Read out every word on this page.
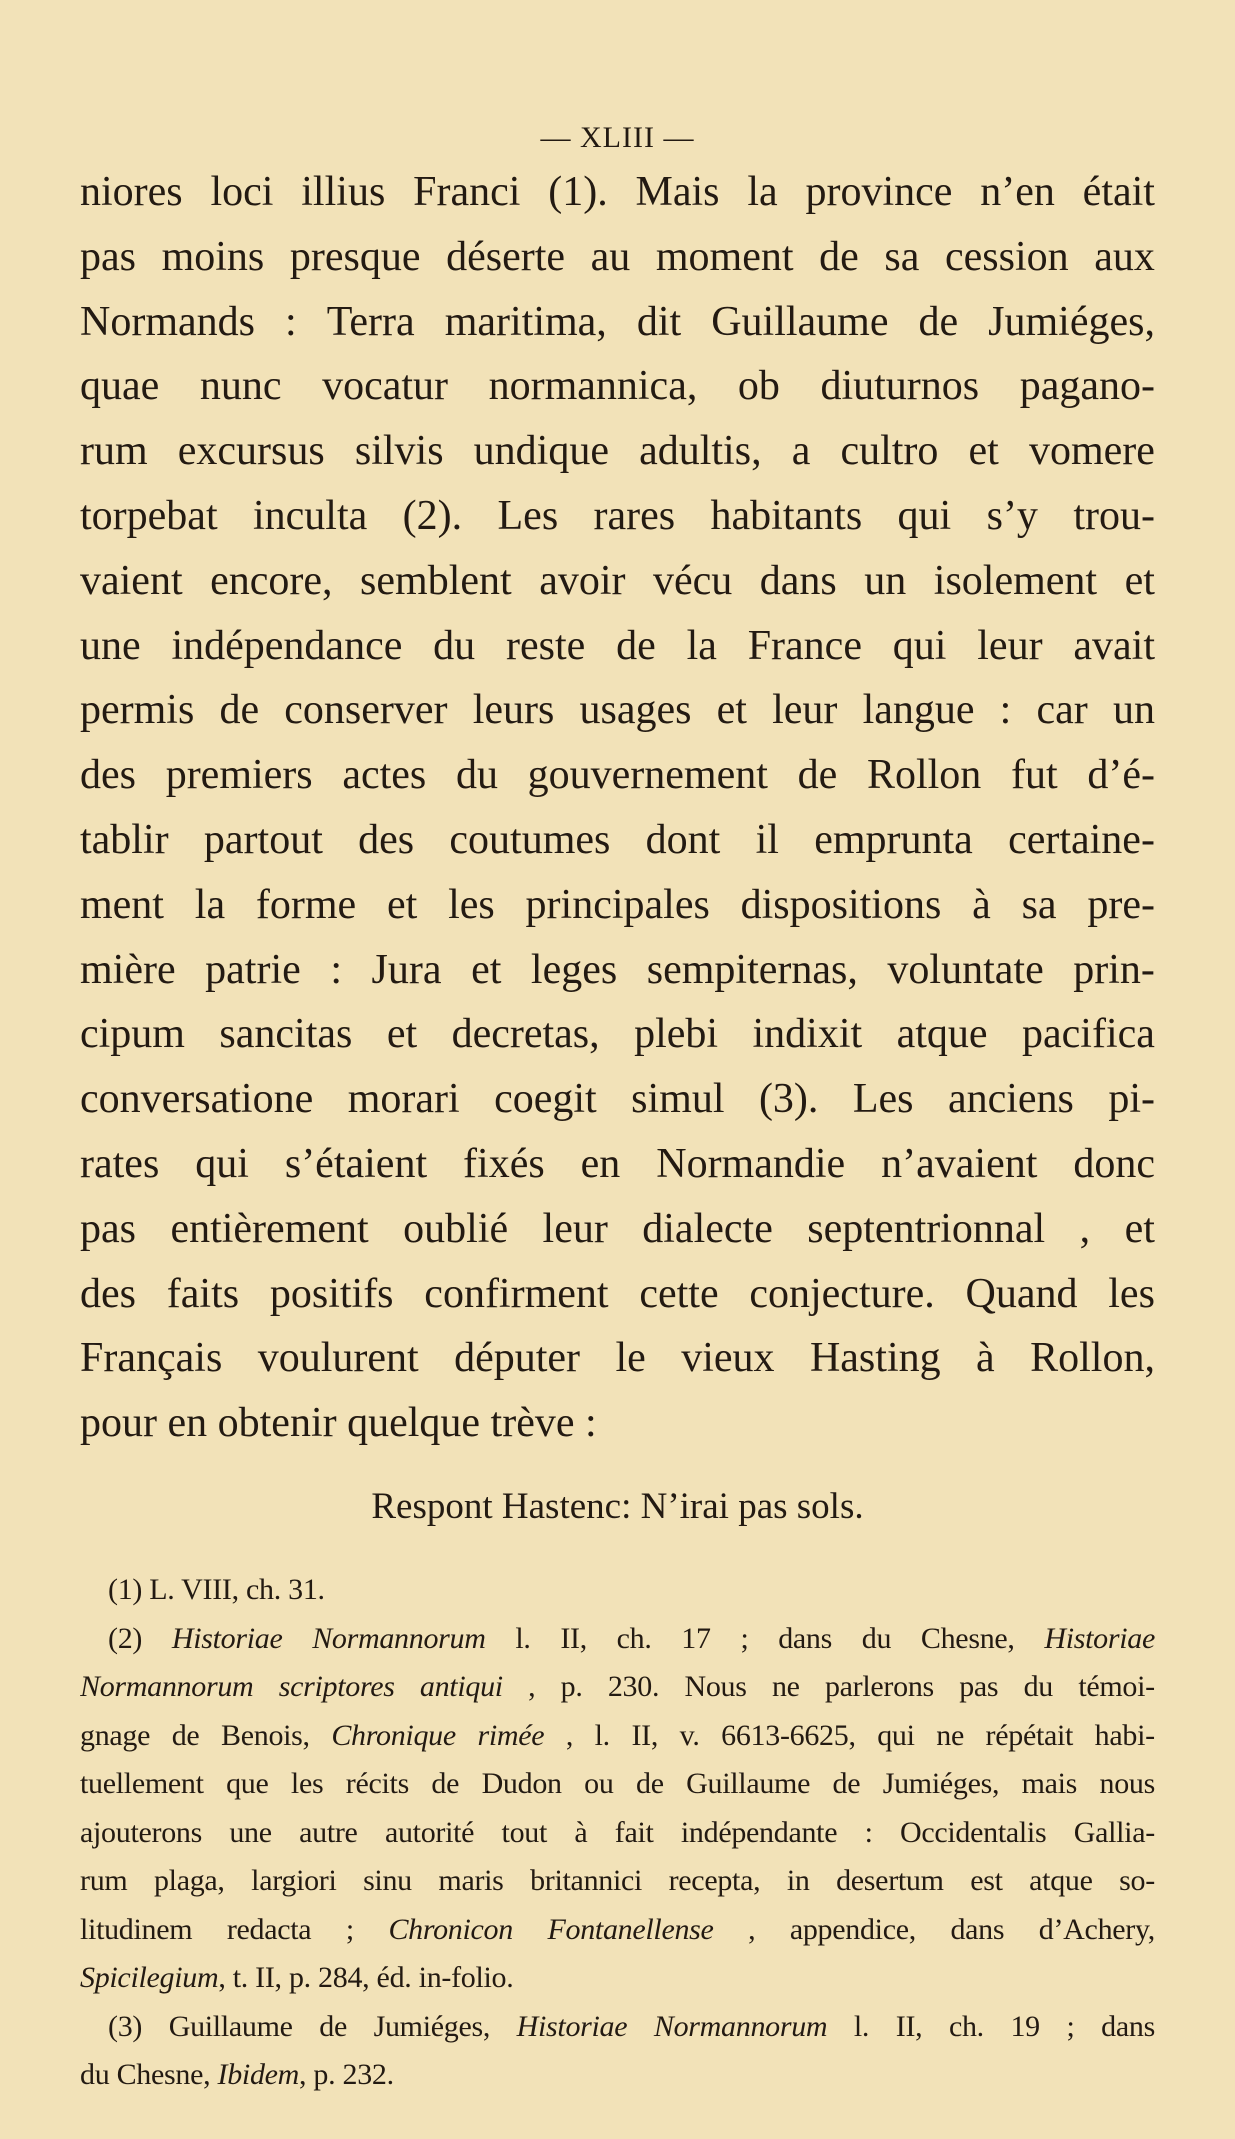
— XLIII —
niores loci illius Franci (1). Mais la province n’en était
pas moins presque déserte au moment de sa cession aux
Normands : Terra maritima, dit Guillaume de Jumiéges,
quae nunc vocatur normannica, ob diuturnos pagano-
rum excursus silvis undique adultis, a cultro et vomere
torpebat inculta (2). Les rares habitants qui s’y trou-
vaient encore, semblent avoir vécu dans un isolement et
une indépendance du reste de la France qui leur avait
permis de conserver leurs usages et leur langue : car un
des premiers actes du gouvernement de Rollon fut d’é-
tablir partout des coutumes dont il emprunta certaine-
ment la forme et les principales dispositions à sa pre-
mière patrie : Jura et leges sempiternas, voluntate prin-
cipum sancitas et decretas, plebi indixit atque pacifica
conversatione morari coegit simul (3). Les anciens pi-
rates qui s’étaient fixés en Normandie n’avaient donc
pas entièrement oublié leur dialecte septentrionnal , et
des faits positifs confirment cette conjecture. Quand les
Français voulurent députer le vieux Hasting à Rollon,
pour en obtenir quelque trève :
Respont Hastenc: N’irai pas sols.
(1) L. VIII, ch. 31.
(2) Historiae Normannorum l. II, ch. 17 ; dans du Chesne, Historiae
Normannorum scriptores antiqui , p. 230. Nous ne parlerons pas du témoi-
gnage de Benois, Chronique rimée , l. II, v. 6613-6625, qui ne répétait habi-
tuellement que les récits de Dudon ou de Guillaume de Jumiéges, mais nous
ajouterons une autre autorité tout à fait indépendante : Occidentalis Gallia-
rum plaga, largiori sinu maris britannici recepta, in desertum est atque so-
litudinem redacta ; Chronicon Fontanellense , appendice, dans d’Achery,
Spicilegium , t. II, p. 284, éd. in-folio.
(3) Guillaume de Jumiéges, Historiae Normannorum l. II, ch. 19 ; dans
du Chesne, Ibidem , p. 232.
